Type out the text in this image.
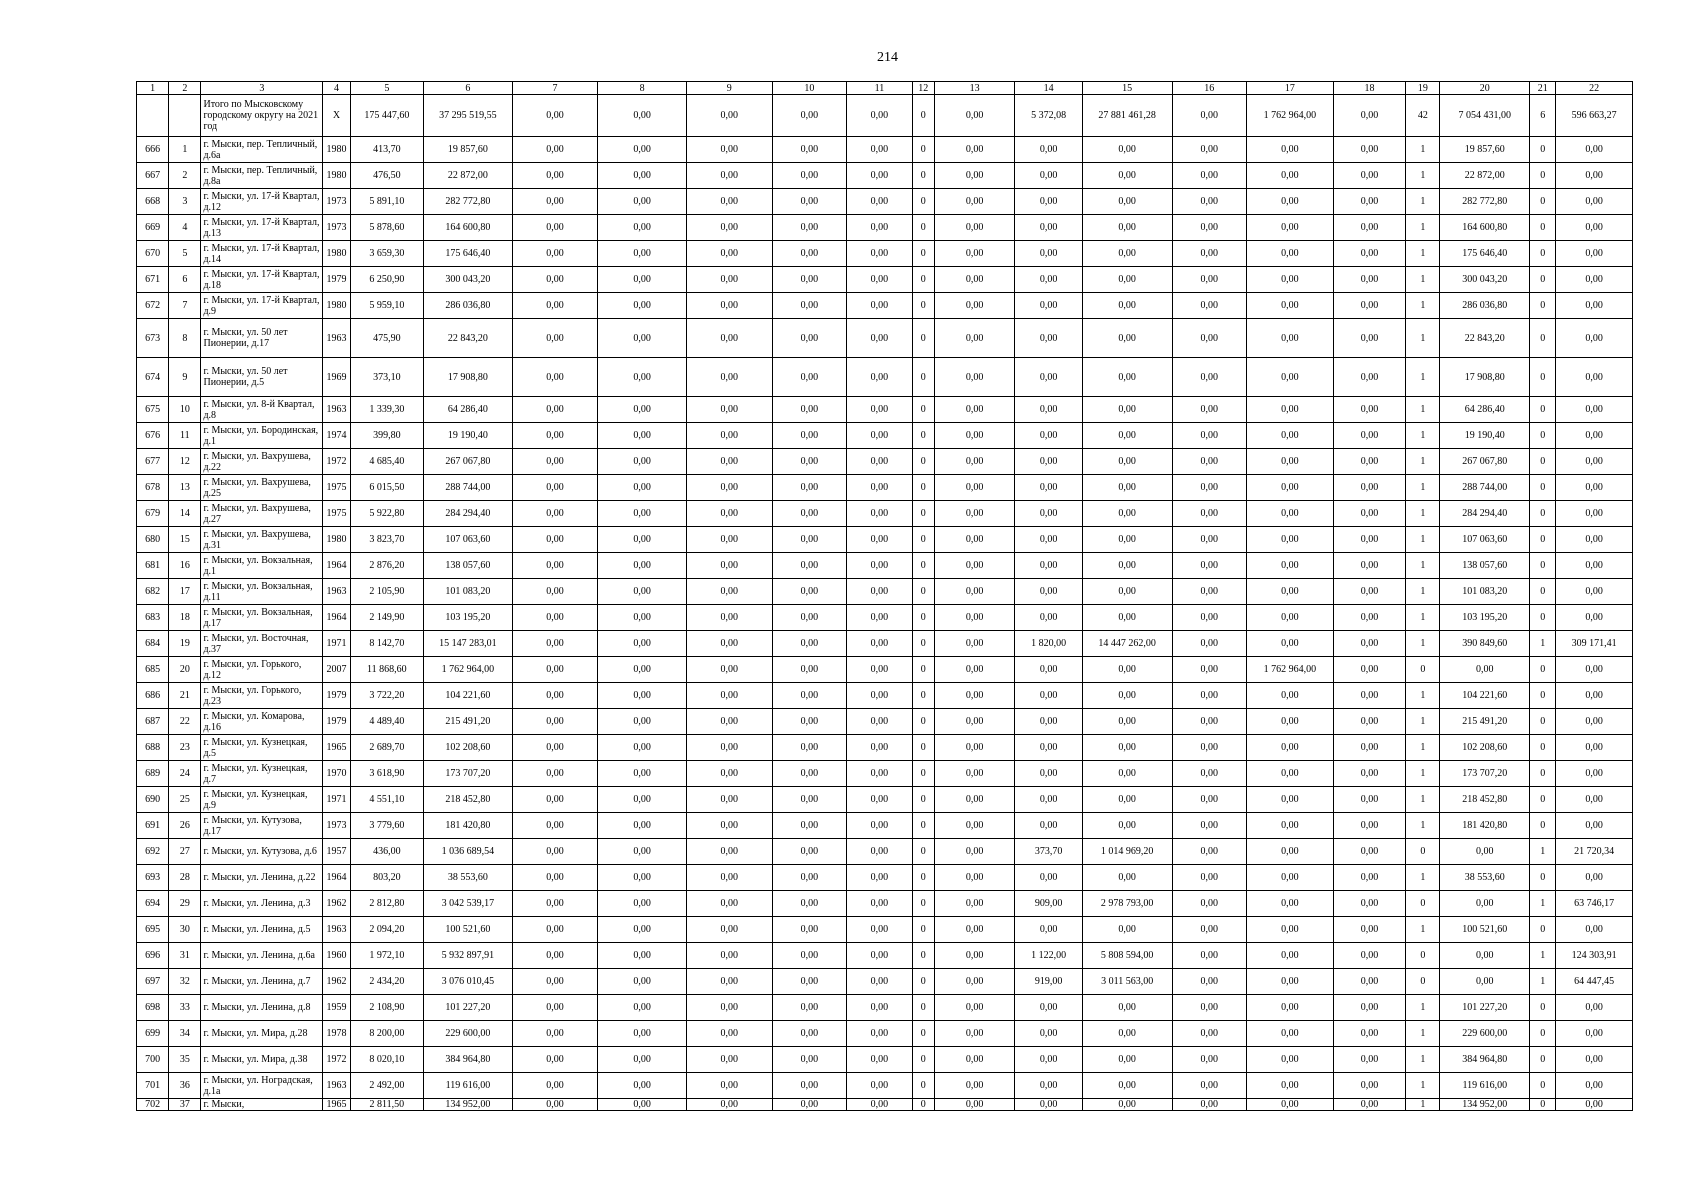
214
1	2	3	4	5	6	7	8	9	10	11	12	13	14	15	16	17	18	19	20	21	22
		Итого по Мысковскому городскому округу на 2021 год	X	175 447,60	37 295 519,55	0,00	0,00	0,00	0,00	0,00	0	0,00	5 372,08	27 881 461,28	0,00	1 762 964,00	0,00	42	7 054 431,00	6	596 663,27
666	1	г. Мыски, пер. Тепличный, д.6а	1980	413,70	19 857,60	0,00	0,00	0,00	0,00	0,00	0	0,00	0,00	0,00	0,00	0,00	0,00	1	19 857,60	0	0,00
667	2	г. Мыски, пер. Тепличный, д.8а	1980	476,50	22 872,00	0,00	0,00	0,00	0,00	0,00	0	0,00	0,00	0,00	0,00	0,00	0,00	1	22 872,00	0	0,00
668	3	г. Мыски, ул. 17-й Квартал, д.12	1973	5 891,10	282 772,80	0,00	0,00	0,00	0,00	0,00	0	0,00	0,00	0,00	0,00	0,00	0,00	1	282 772,80	0	0,00
669	4	г. Мыски, ул. 17-й Квартал, д.13	1973	5 878,60	164 600,80	0,00	0,00	0,00	0,00	0,00	0	0,00	0,00	0,00	0,00	0,00	0,00	1	164 600,80	0	0,00
670	5	г. Мыски, ул. 17-й Квартал, д.14	1980	3 659,30	175 646,40	0,00	0,00	0,00	0,00	0,00	0	0,00	0,00	0,00	0,00	0,00	0,00	1	175 646,40	0	0,00
671	6	г. Мыски, ул. 17-й Квартал, д.18	1979	6 250,90	300 043,20	0,00	0,00	0,00	0,00	0,00	0	0,00	0,00	0,00	0,00	0,00	0,00	1	300 043,20	0	0,00
672	7	г. Мыски, ул. 17-й Квартал, д.9	1980	5 959,10	286 036,80	0,00	0,00	0,00	0,00	0,00	0	0,00	0,00	0,00	0,00	0,00	0,00	1	286 036,80	0	0,00
673	8	г. Мыски, ул. 50 лет Пионерии, д.17	1963	475,90	22 843,20	0,00	0,00	0,00	0,00	0,00	0	0,00	0,00	0,00	0,00	0,00	0,00	1	22 843,20	0	0,00
674	9	г. Мыски, ул. 50 лет Пионерии, д.5	1969	373,10	17 908,80	0,00	0,00	0,00	0,00	0,00	0	0,00	0,00	0,00	0,00	0,00	0,00	1	17 908,80	0	0,00
675	10	г. Мыски, ул. 8-й Квартал, д.8	1963	1 339,30	64 286,40	0,00	0,00	0,00	0,00	0,00	0	0,00	0,00	0,00	0,00	0,00	0,00	1	64 286,40	0	0,00
676	11	г. Мыски, ул. Бородинская, д.1	1974	399,80	19 190,40	0,00	0,00	0,00	0,00	0,00	0	0,00	0,00	0,00	0,00	0,00	0,00	1	19 190,40	0	0,00
677	12	г. Мыски, ул. Вахрушева, д.22	1972	4 685,40	267 067,80	0,00	0,00	0,00	0,00	0,00	0	0,00	0,00	0,00	0,00	0,00	0,00	1	267 067,80	0	0,00
678	13	г. Мыски, ул. Вахрушева, д.25	1975	6 015,50	288 744,00	0,00	0,00	0,00	0,00	0,00	0	0,00	0,00	0,00	0,00	0,00	0,00	1	288 744,00	0	0,00
679	14	г. Мыски, ул. Вахрушева, д.27	1975	5 922,80	284 294,40	0,00	0,00	0,00	0,00	0,00	0	0,00	0,00	0,00	0,00	0,00	0,00	1	284 294,40	0	0,00
680	15	г. Мыски, ул. Вахрушева, д.31	1980	3 823,70	107 063,60	0,00	0,00	0,00	0,00	0,00	0	0,00	0,00	0,00	0,00	0,00	0,00	1	107 063,60	0	0,00
681	16	г. Мыски, ул. Вокзальная, д.1	1964	2 876,20	138 057,60	0,00	0,00	0,00	0,00	0,00	0	0,00	0,00	0,00	0,00	0,00	0,00	1	138 057,60	0	0,00
682	17	г. Мыски, ул. Вокзальная, д.11	1963	2 105,90	101 083,20	0,00	0,00	0,00	0,00	0,00	0	0,00	0,00	0,00	0,00	0,00	0,00	1	101 083,20	0	0,00
683	18	г. Мыски, ул. Вокзальная, д.17	1964	2 149,90	103 195,20	0,00	0,00	0,00	0,00	0,00	0	0,00	0,00	0,00	0,00	0,00	0,00	1	103 195,20	0	0,00
684	19	г. Мыски, ул. Восточная, д.37	1971	8 142,70	15 147 283,01	0,00	0,00	0,00	0,00	0,00	0	0,00	1 820,00	14 447 262,00	0,00	0,00	0,00	1	390 849,60	1	309 171,41
685	20	г. Мыски, ул. Горького, д.12	2007	11 868,60	1 762 964,00	0,00	0,00	0,00	0,00	0,00	0	0,00	0,00	0,00	0,00	1 762 964,00	0,00	0	0,00	0	0,00
686	21	г. Мыски, ул. Горького, д.23	1979	3 722,20	104 221,60	0,00	0,00	0,00	0,00	0,00	0	0,00	0,00	0,00	0,00	0,00	0,00	1	104 221,60	0	0,00
687	22	г. Мыски, ул. Комарова, д.16	1979	4 489,40	215 491,20	0,00	0,00	0,00	0,00	0,00	0	0,00	0,00	0,00	0,00	0,00	0,00	1	215 491,20	0	0,00
688	23	г. Мыски, ул. Кузнецкая, д.5	1965	2 689,70	102 208,60	0,00	0,00	0,00	0,00	0,00	0	0,00	0,00	0,00	0,00	0,00	0,00	1	102 208,60	0	0,00
689	24	г. Мыски, ул. Кузнецкая, д.7	1970	3 618,90	173 707,20	0,00	0,00	0,00	0,00	0,00	0	0,00	0,00	0,00	0,00	0,00	0,00	1	173 707,20	0	0,00
690	25	г. Мыски, ул. Кузнецкая, д.9	1971	4 551,10	218 452,80	0,00	0,00	0,00	0,00	0,00	0	0,00	0,00	0,00	0,00	0,00	0,00	1	218 452,80	0	0,00
691	26	г. Мыски, ул. Кутузова, д.17	1973	3 779,60	181 420,80	0,00	0,00	0,00	0,00	0,00	0	0,00	0,00	0,00	0,00	0,00	0,00	1	181 420,80	0	0,00
692	27	г. Мыски, ул. Кутузова, д.6	1957	436,00	1 036 689,54	0,00	0,00	0,00	0,00	0,00	0	0,00	373,70	1 014 969,20	0,00	0,00	0,00	0	0,00	1	21 720,34
693	28	г. Мыски, ул. Ленина, д.22	1964	803,20	38 553,60	0,00	0,00	0,00	0,00	0,00	0	0,00	0,00	0,00	0,00	0,00	0,00	1	38 553,60	0	0,00
694	29	г. Мыски, ул. Ленина, д.3	1962	2 812,80	3 042 539,17	0,00	0,00	0,00	0,00	0,00	0	0,00	909,00	2 978 793,00	0,00	0,00	0,00	0	0,00	1	63 746,17
695	30	г. Мыски, ул. Ленина, д.5	1963	2 094,20	100 521,60	0,00	0,00	0,00	0,00	0,00	0	0,00	0,00	0,00	0,00	0,00	0,00	1	100 521,60	0	0,00
696	31	г. Мыски, ул. Ленина, д.6а	1960	1 972,10	5 932 897,91	0,00	0,00	0,00	0,00	0,00	0	0,00	1 122,00	5 808 594,00	0,00	0,00	0,00	0	0,00	1	124 303,91
697	32	г. Мыски, ул. Ленина, д.7	1962	2 434,20	3 076 010,45	0,00	0,00	0,00	0,00	0,00	0	0,00	919,00	3 011 563,00	0,00	0,00	0,00	0	0,00	1	64 447,45
698	33	г. Мыски, ул. Ленина, д.8	1959	2 108,90	101 227,20	0,00	0,00	0,00	0,00	0,00	0	0,00	0,00	0,00	0,00	0,00	0,00	1	101 227,20	0	0,00
699	34	г. Мыски, ул. Мира, д.28	1978	8 200,00	229 600,00	0,00	0,00	0,00	0,00	0,00	0	0,00	0,00	0,00	0,00	0,00	0,00	1	229 600,00	0	0,00
700	35	г. Мыски, ул. Мира, д.38	1972	8 020,10	384 964,80	0,00	0,00	0,00	0,00	0,00	0	0,00	0,00	0,00	0,00	0,00	0,00	1	384 964,80	0	0,00
701	36	г. Мыски, ул. Ноградская, д.1а	1963	2 492,00	119 616,00	0,00	0,00	0,00	0,00	0,00	0	0,00	0,00	0,00	0,00	0,00	0,00	1	119 616,00	0	0,00
702	37	г. Мыски,	1965	2 811,50	134 952,00	0,00	0,00	0,00	0,00	0,00	0	0,00	0,00	0,00	0,00	0,00	0,00	1	134 952,00	0	0,00
